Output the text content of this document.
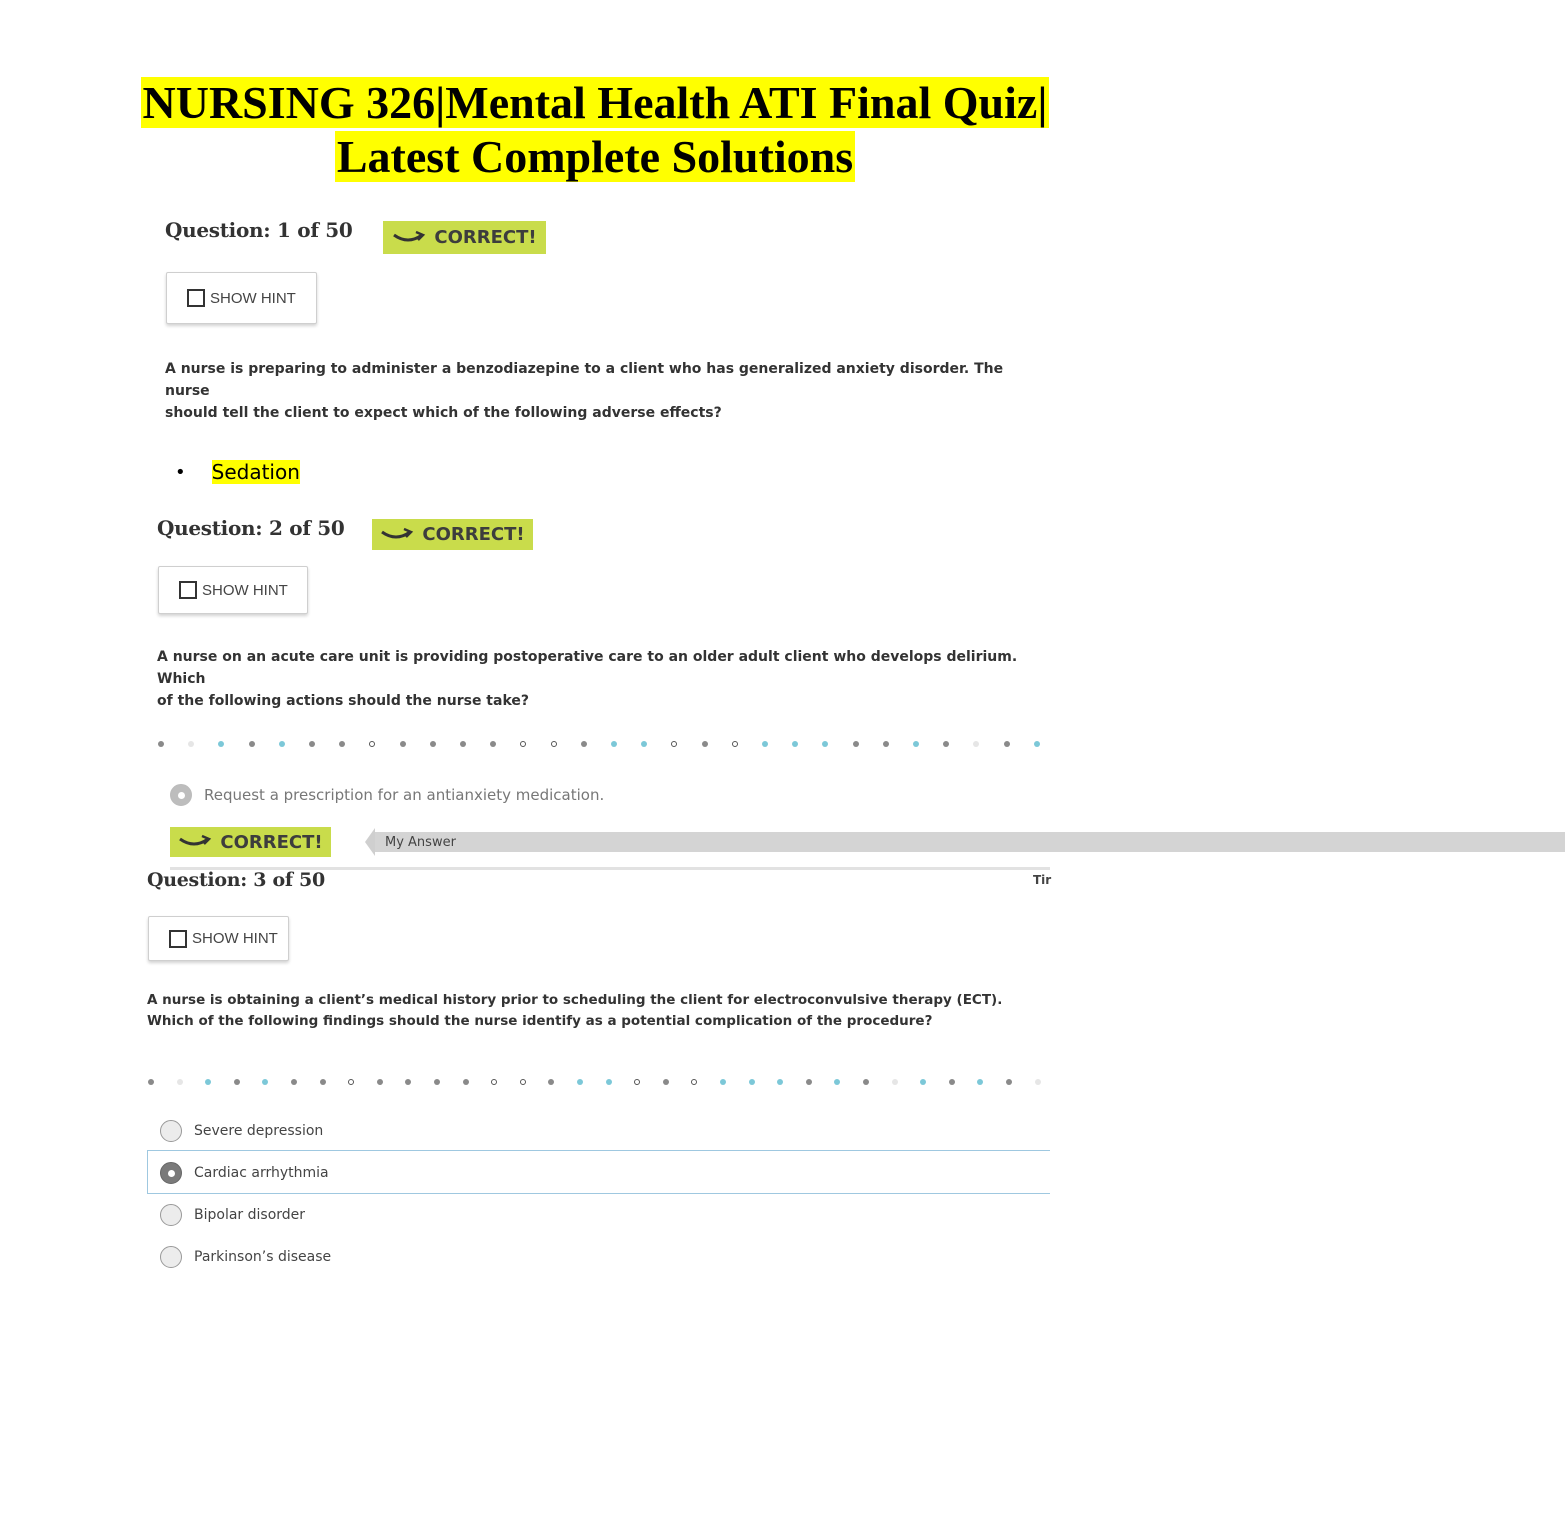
NURSING 326|Mental Health ATI Final Quiz|
Latest Complete Solutions
Question: 1 of 50	CORRECT!
SHOW HINT
A nurse is preparing to administer a benzodiazepine to a client who has generalized anxiety disorder. The nurse
should tell the client to expect which of the following adverse effects?
• Sedation
Question: 2 of 50	CORRECT!
SHOW HINT
A nurse on an acute care unit is providing postoperative care to an older adult client who develops delirium. Which
of the following actions should the nurse take?
Request a prescription for an antianxiety medication.
CORRECT!	My Answer
Question: 3 of 50	Tir
SHOW HINT
A nurse is obtaining a client’s medical history prior to scheduling the client for electroconvulsive therapy (ECT).
Which of the following findings should the nurse identify as a potential complication of the procedure?
Severe depression
Cardiac arrhythmia
Bipolar disorder
Parkinson’s disease
